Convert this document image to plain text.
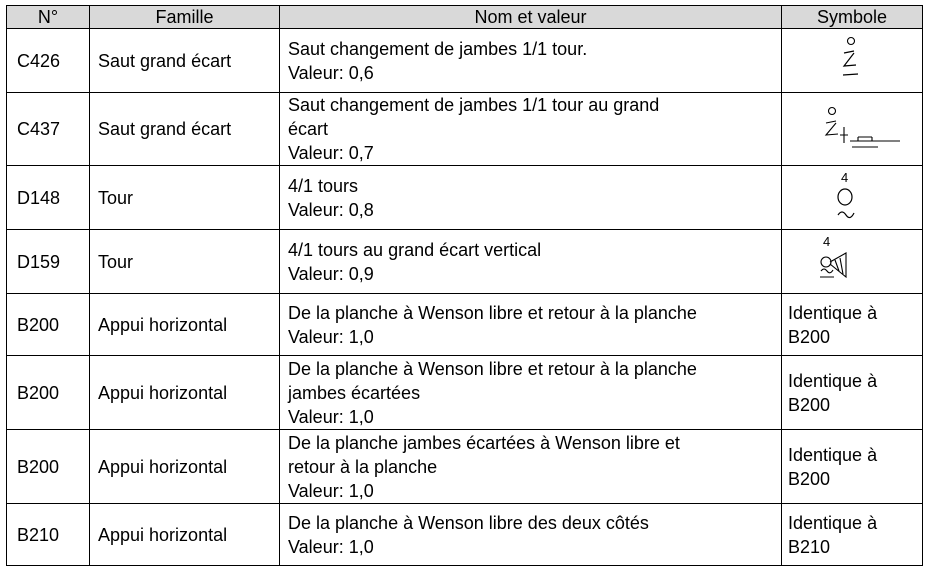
N°	Famille	Nom et valeur	Symbole
C426	Saut grand écart	Saut changement de jambes 1/1 tour.
Valeur: 0,6

C437	Saut grand écart	Saut changement de jambes 1/1 tour au grand
écart
Valeur: 0,7

D148	Tour	4/1 tours
Valeur: 0,8	4

D159	Tour	4/1 tours au grand écart vertical
Valeur: 0,9	4

B200	Appui horizontal	De la planche à Wenson libre et retour à la planche
Valeur: 1,0	Identique à
B200

B200	Appui horizontal	De la planche à Wenson libre et retour à la planche
jambes écartées
Valeur: 1,0	Identique à
B200

B200	Appui horizontal	De la planche jambes écartées à Wenson libre et
retour à la planche
Valeur: 1,0	Identique à
B200

B210	Appui horizontal	De la planche à Wenson libre des deux côtés
Valeur: 1,0	Identique à
B210
